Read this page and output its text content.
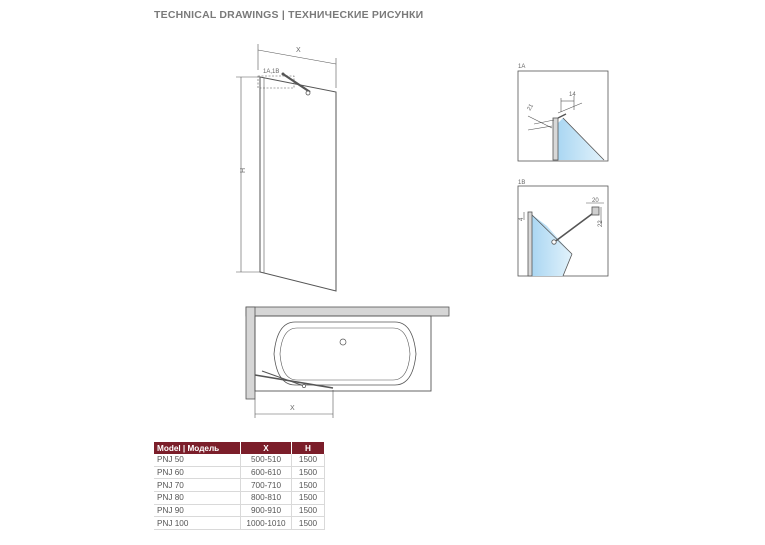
TECHNICAL DRAWINGS | ТЕХНИЧЕСКИЕ РИСУНКИ
X
H
1A,1B
1A
14
21
1B
20
4
22
X
Model | Модель	X	H
PNJ 50	500-510	1500
PNJ 60	600-610	1500
PNJ 70	700-710	1500
PNJ 80	800-810	1500
PNJ 90	900-910	1500
PNJ 100	1000-1010	1500
